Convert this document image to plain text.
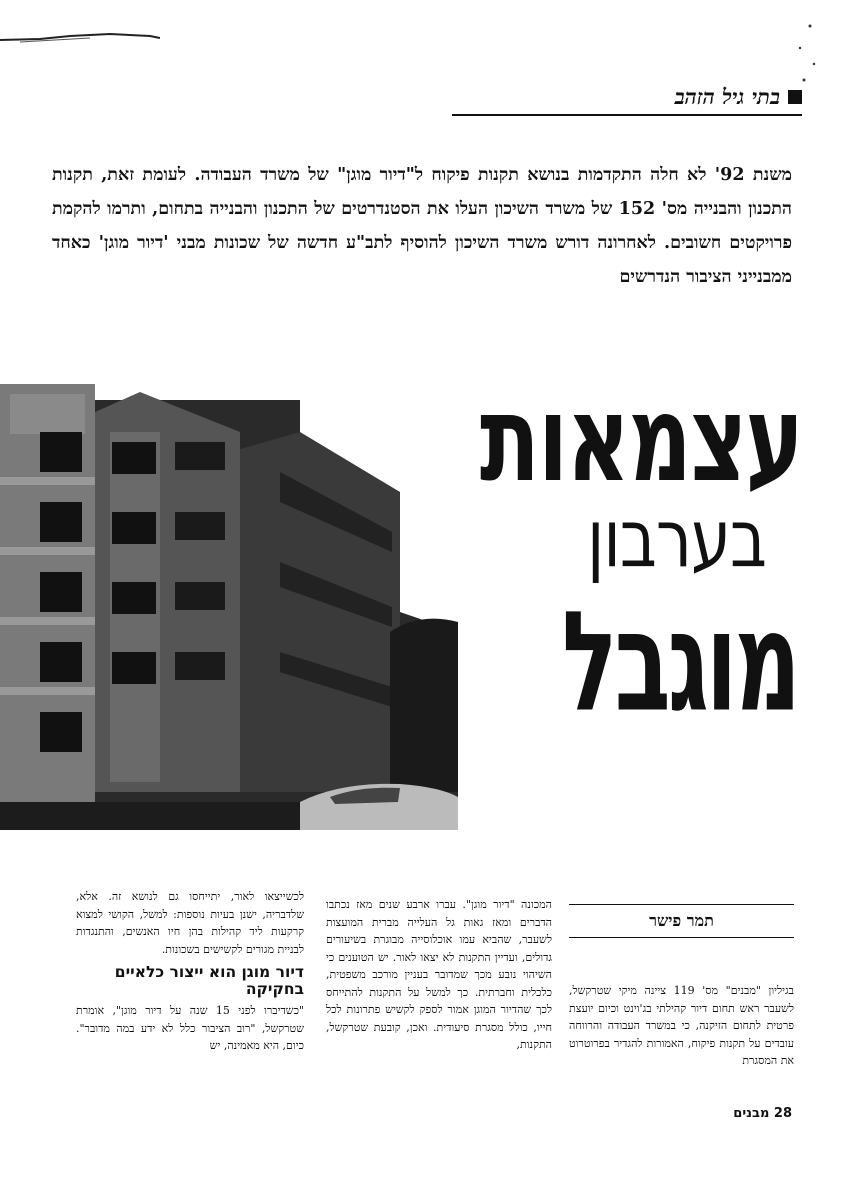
בתי גיל הזהב
משנת 92' לא חלה התקדמות בנושא תקנות פיקוח ל"דיור מוגן" של משרד העבודה. לעומת זאת, תקנות התכנון והבנייה מס' 152 של משרד השיכון העלו את הסטנדרטים של התכנון והבנייה בתחום, ותרמו להקמת פרויקטים חשובים. לאחרונה דורש משרד השיכון להוסיף לתב"ע חדשה של שכונות מבני 'דיור מוגן' כאחד ממבנייני הציבור הנדרשים
עצמאות
בערבון
מוגבל
תמר פישר

בגיליון "מבנים" מס' 119 ציינה מיקי שטרקשל, לשעבר ראש תחום דיור קהילתי בג'וינט וכיום יועצת פרטית לתחום הזיקנה, כי במשרד העבודה והרווחה עובדים על תקנות פיקוח, האמורות להגדיר בפרוטרוט את המסגרת

המכונה "דיור מוגן". עברו ארבע שנים מאז נכתבו הדברים ומאז גאות גל העלייה מברית המועצות לשעבר, שהביא עמו אוכלוסייה מבוגרת בשיעורים גדולים, ועדיין התקנות לא יצאו לאור. יש הטוענים כי השיהוי נובע מכך שמדובר בעניין מורכב משפטית, כלכלית וחברתית. כך למשל על התקנות להתייחס לכך שהדיור המוגן אמור לספק לקשיש פתרונות לכל חייו, כולל מסגרת סיעודית. ואכן, קובעת שטרקשל, התקנות,

לכשייצאו לאור, יתייחסו גם לנושא זה. אלא, שלדבריה, ישנן בעיות נוספות: למשל, הקושי למצוא קרקעות ליד קהילות בהן חיו האנשים, והתנגדות לבניית מגורים לקשישים בשכונות.

דיור מוגן הוא ייצור כלאיים בחקיקה

"כשדיברו לפני 15 שנה על דיור מוגן", אומרת שטרקשל, "רוב הציבור כלל לא ידע במה מדובר". כיום, היא מאמינה, יש

28 מבנים
